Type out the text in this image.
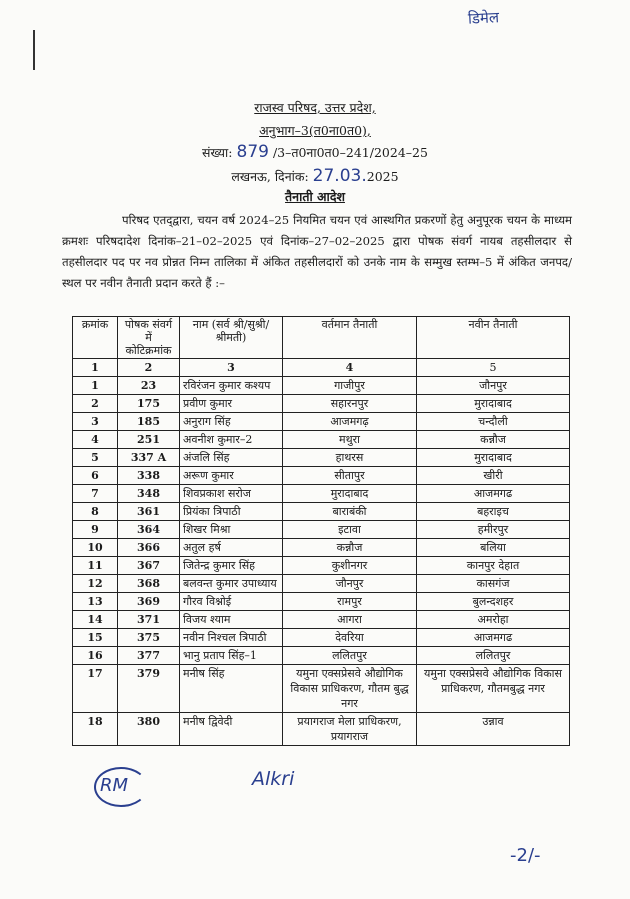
डिमेल
राजस्व परिषद, उत्तर प्रदेश,
अनुभाग–3(त0ना0त0),
संख्या: 879 /3–त0ना0त0–241/2024–25
लखनऊ, दिनांक: 27.03.2025
तैनाती आदेश
परिषद एतद्‌द्वारा, चयन वर्ष 2024–25 नियमित चयन एवं आस्थगित प्रकरणों हेतु अनुपूरक चयन के माध्यम क्रमशः परिषदादेश दिनांक–21–02–2025 एवं दिनांक–27–02–2025 द्वारा पोषक संवर्ग नायब तहसीलदार से तहसीलदार पद पर नव प्रोन्नत निम्न तालिका में अंकित तहसीलदारों को उनके नाम के सम्मुख स्तम्भ–5 में अंकित जनपद/स्थल पर नवीन तैनाती प्रदान करते हैं :–
क्रमांक	पोषक संवर्ग में कोटिक्रमांक	नाम (सर्व श्री/सुश्री/श्रीमती)	वर्तमान तैनाती	नवीन तैनाती
1	2	3	4	5
1	23	रविरंजन कुमार कश्यप	गाजीपुर	जौनपुर
2	175	प्रवीण कुमार	सहारनपुर	मुरादाबाद
3	185	अनुराग सिंह	आजमगढ़	चन्दौली
4	251	अवनीश कुमार–2	मथुरा	कन्नौज
5	337 A	अंजलि सिंह	हाथरस	मुरादाबाद
6	338	अरूण कुमार	सीतापुर	खीरी
7	348	शिवप्रकाश सरोज	मुरादाबाद	आजमगढ
8	361	प्रियंका त्रिपाठी	बाराबंकी	बहराइच
9	364	शिखर मिश्रा	इटावा	हमीरपुर
10	366	अतुल हर्ष	कन्नौज	बलिया
11	367	जितेन्द्र कुमार सिंह	कुशीनगर	कानपुर देहात
12	368	बलवन्त कुमार उपाध्याय	जौनपुर	कासगंज
13	369	गौरव विश्नोई	रामपुर	बुलन्दशहर
14	371	विजय श्याम	आगरा	अमरोहा
15	375	नवीन निश्चल त्रिपाठी	देवरिया	आजमगढ
16	377	भानु प्रताप सिंह–1	ललितपुर	ललितपुर
17	379	मनीष सिंह	यमुना एक्सप्रेसवे औद्योगिक विकास प्राधिकरण, गौतम बुद्ध नगर	यमुना एक्सप्रेसवे औद्योगिक विकास प्राधिकरण, गौतमबुद्ध नगर
18	380	मनीष द्विवेदी	प्रयागराज मेला प्राधिकरण, प्रयागराज	उन्नाव
RM	Alkri
-2/-
